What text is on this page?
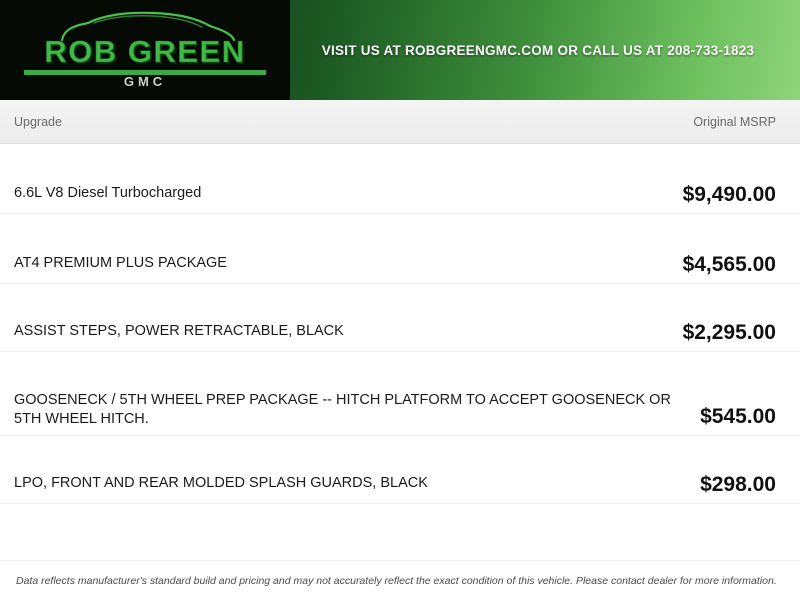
ROB GREEN
GMC
VISIT US AT ROBGREENGMC.COM OR CALL US AT 208-733-1823
Upgrade	Original MSRP
6.6L V8 Diesel Turbocharged	$9,490.00
AT4 PREMIUM PLUS PACKAGE	$4,565.00
ASSIST STEPS, POWER RETRACTABLE, BLACK	$2,295.00
GOOSENECK / 5TH WHEEL PREP PACKAGE -- HITCH PLATFORM TO ACCEPT GOOSENECK OR 5TH WHEEL HITCH.	$545.00
LPO, FRONT AND REAR MOLDED SPLASH GUARDS, BLACK	$298.00
Data reflects manufacturer's standard build and pricing and may not accurately reflect the exact condition of this vehicle. Please contact dealer for more information.
